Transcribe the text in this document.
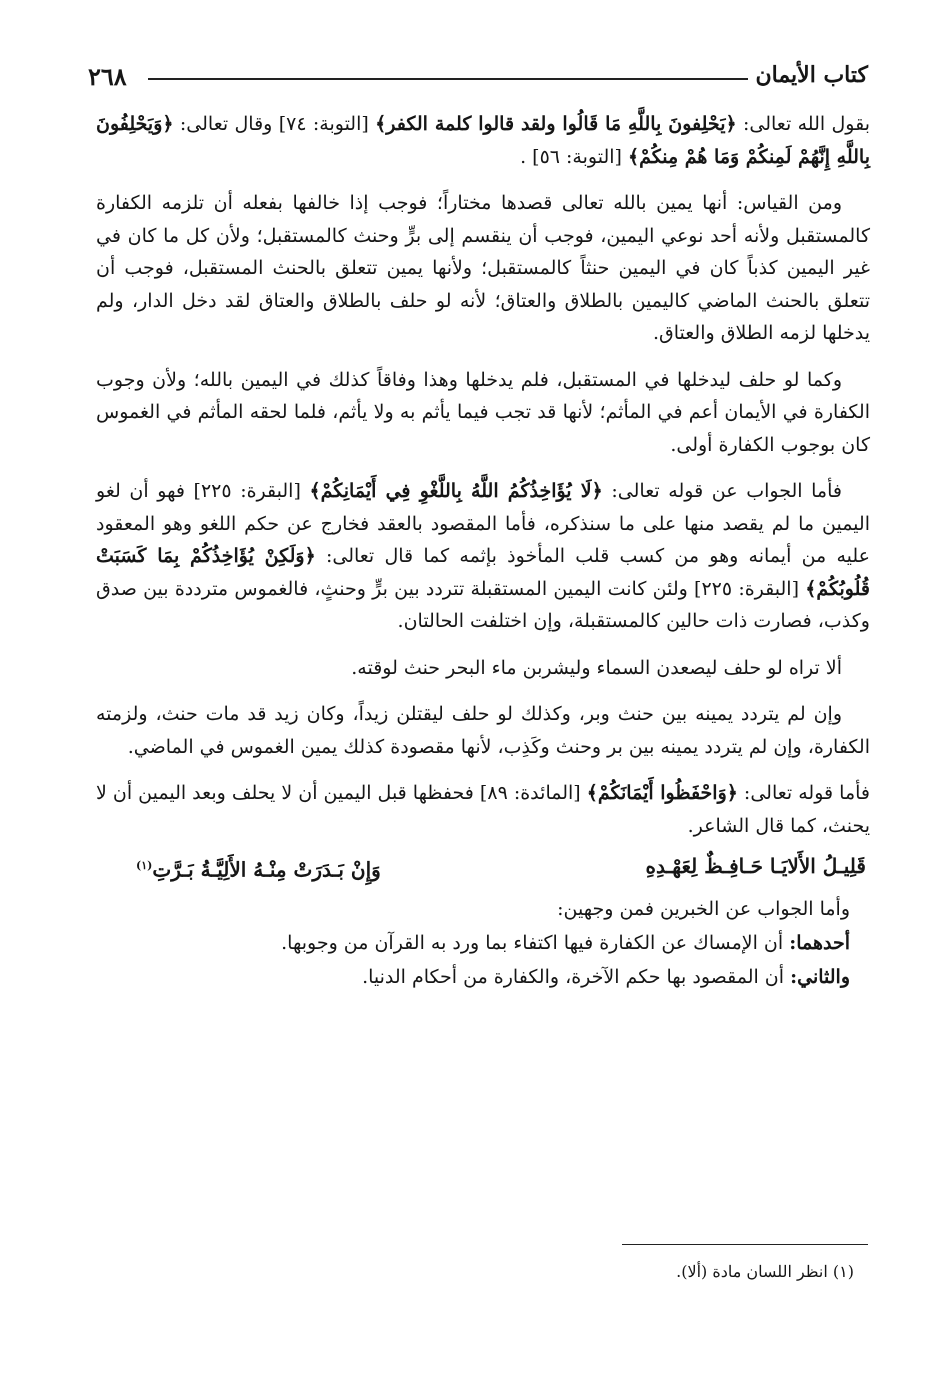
٢٦٨	كتاب الأيمان

بقول الله تعالى: ﴿يَحْلِفونَ بِاللَّهِ مَا قَالُوا ولقد قالوا كلمة الكفر﴾ [التوبة: ٧٤] وقال تعالى: ﴿وَيَحْلِفُونَ بِاللَّهِ إِنَّهُمْ لَمِنكُمْ وَمَا هُمْ مِنكُمْ﴾ [التوبة: ٥٦] .

ومن القياس: أنها يمين بالله تعالى قصدها مختاراً؛ فوجب إذا خالفها بفعله أن تلزمه الكفارة كالمستقبل ولأنه أحد نوعي اليمين، فوجب أن ينقسم إلى برٍّ وحنث كالمستقبل؛ ولأن كل ما كان في غير اليمين كذباً كان في اليمين حنثاً كالمستقبل؛ ولأنها يمين تتعلق بالحنث المستقبل، فوجب أن تتعلق بالحنث الماضي كاليمين بالطلاق والعتاق؛ لأنه لو حلف بالطلاق والعتاق لقد دخل الدار، ولم يدخلها لزمه الطلاق والعتاق.

وكما لو حلف ليدخلها في المستقبل، فلم يدخلها وهذا وفاقاً كذلك في اليمين بالله؛ ولأن وجوب الكفارة في الأيمان أعم في المأثم؛ لأنها قد تجب فيما يأثم به ولا يأثم، فلما لحقه المأثم في الغموس كان بوجوب الكفارة أولى.

فأما الجواب عن قوله تعالى: ﴿لَا يُؤَاخِذُكُمُ اللَّهُ بِاللَّغْوِ فِي أَيْمَانِكُمْ﴾ [البقرة: ٢٢٥] فهو أن لغو اليمين ما لم يقصد منها على ما سنذكره، فأما المقصود بالعقد فخارج عن حكم اللغو وهو المعقود عليه من أيمانه وهو من كسب قلب المأخوذ بإثمه كما قال تعالى: ﴿وَلَكِنْ يُؤَاخِذُكُمْ بِمَا كَسَبَتْ قُلُوبُكُمْ﴾ [البقرة: ٢٢٥] ولئن كانت اليمين المستقبلة تتردد بين برٍّ وحنثٍ، فالغموس مترددة بين صدق وكذب، فصارت ذات حالين كالمستقبلة، وإن اختلفت الحالتان.

ألا تراه لو حلف ليصعدن السماء وليشربن ماء البحر حنث لوقته.

وإن لم يتردد يمينه بين حنث وبر، وكذلك لو حلف ليقتلن زيداً، وكان زيد قد مات حنث، ولزمته الكفارة، وإن لم يتردد يمينه بين بر وحنث وكَذِب، لأنها مقصودة كذلك يمين الغموس في الماضي.

فأما قوله تعالى: ﴿وَاحْفَظُوا أَيْمَانَكُمْ﴾ [المائدة: ٨٩] فحفظها قبل اليمين أن لا يحلف وبعد اليمين أن لا يحنث، كما قال الشاعر.

قَلِيـلُ الأَلايَـا حَـافِـظٌ لِعَهْـدِهِ
وَإِنْ بَـدَرَتْ مِنْـهُ الأَلِيَّـةُ بَـرَّتِ$^{(١)}$

وأما الجواب عن الخبرين فمن وجهين:

أحدهما: أن الإمساك عن الكفارة فيها اكتفاء بما ورد به القرآن من وجوبها.

والثاني: أن المقصود بها حكم الآخرة، والكفارة من أحكام الدنيا.

(١) انظر اللسان مادة (ألا).
